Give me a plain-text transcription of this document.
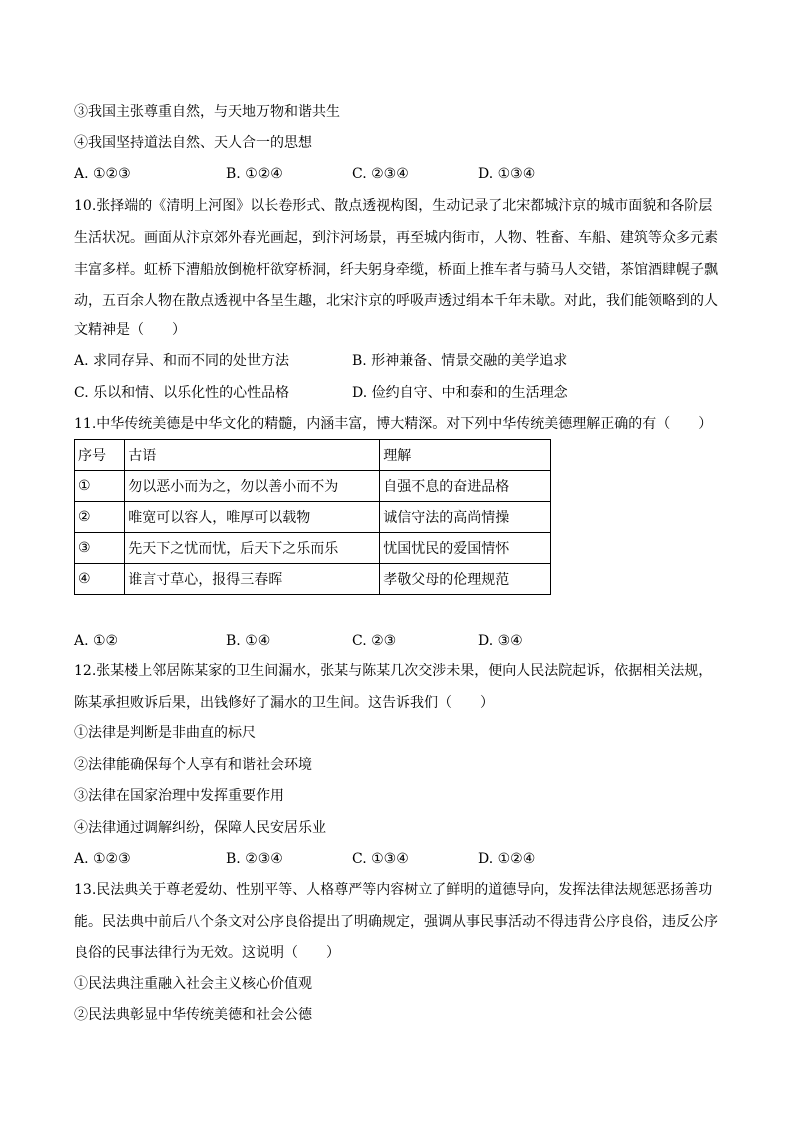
③我国主张尊重自然，与天地万物和谐共生
④我国坚持道法自然、天人合一的思想
A. ①②③	B. ①②④	C. ②③④	D. ①③④
10.张择端的《清明上河图》以长卷形式、散点透视构图，生动记录了北宋都城汴京的城市面貌和各阶层
生活状况。画面从汴京郊外春光画起，到汴河场景，再至城内街市，人物、牲畜、车船、建筑等众多元素
丰富多样。虹桥下漕船放倒桅杆欲穿桥洞，纤夫躬身牵缆，桥面上推车者与骑马人交错，茶馆酒肆幌子飘
动，五百余人物在散点透视中各呈生趣，北宋汴京的呼吸声透过绢本千年未歇。对此，我们能领略到的人
文精神是（　　）
A. 求同存异、和而不同的处世方法	B. 形神兼备、情景交融的美学追求
C. 乐以和情、以乐化性的心性品格	D. 俭约自守、中和泰和的生活理念
11.中华传统美德是中华文化的精髓，内涵丰富，博大精深。对下列中华传统美德理解正确的有（　　）
序号	古语	理解
①	勿以恶小而为之，勿以善小而不为	自强不息的奋进品格
②	唯宽可以容人，唯厚可以载物	诚信守法的高尚情操
③	先天下之忧而忧，后天下之乐而乐	忧国忧民的爱国情怀
④	谁言寸草心，报得三春晖	孝敬父母的伦理规范
A. ①②	B. ①④	C. ②③	D. ③④
12.张某楼上邻居陈某家的卫生间漏水，张某与陈某几次交涉未果，便向人民法院起诉，依据相关法规，
陈某承担败诉后果，出钱修好了漏水的卫生间。这告诉我们（　　）
①法律是判断是非曲直的标尺
②法律能确保每个人享有和谐社会环境
③法律在国家治理中发挥重要作用
④法律通过调解纠纷，保障人民安居乐业
A. ①②③	B. ②③④	C. ①③④	D. ①②④
13.民法典关于尊老爱幼、性别平等、人格尊严等内容树立了鲜明的道德导向，发挥法律法规惩恶扬善功
能。民法典中前后八个条文对公序良俗提出了明确规定，强调从事民事活动不得违背公序良俗，违反公序
良俗的民事法律行为无效。这说明（　　）
①民法典注重融入社会主义核心价值观
②民法典彰显中华传统美德和社会公德
